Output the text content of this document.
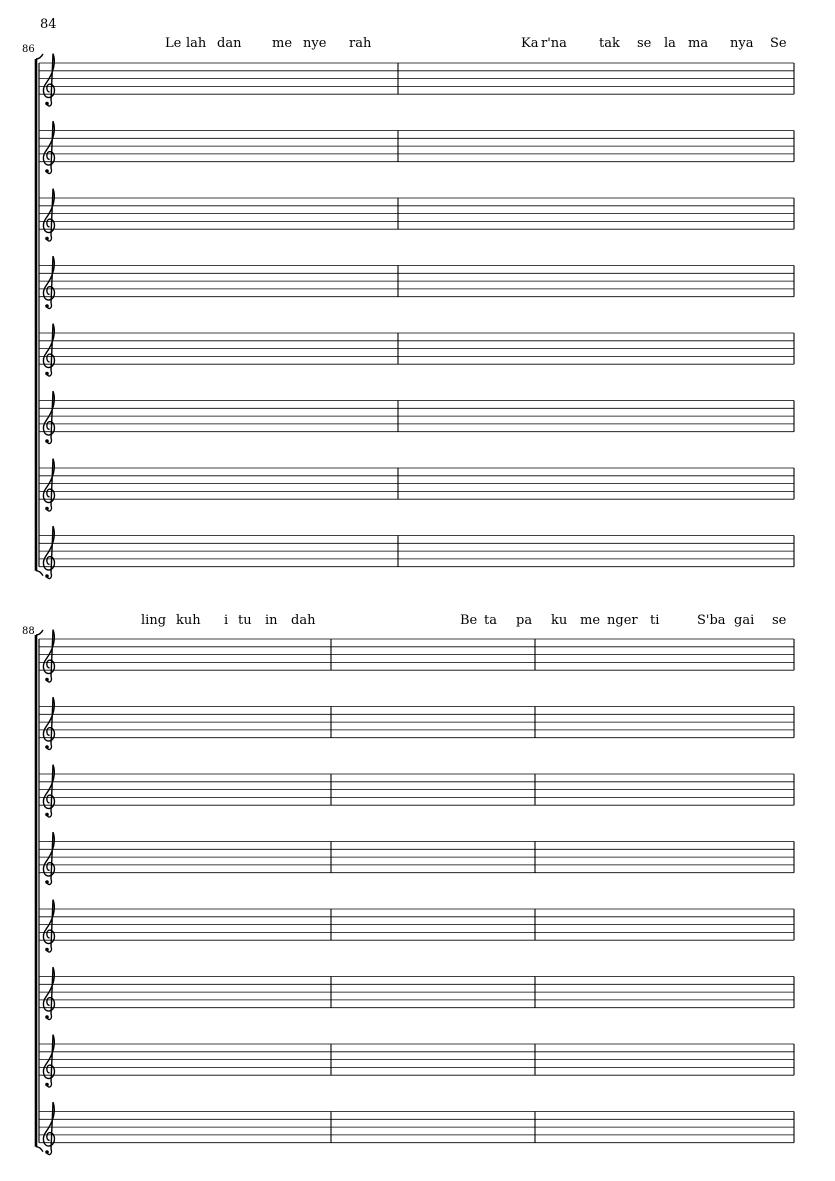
84
86	Le lah dan me nye rah	Ka r'na tak se la ma nya Se
88
ling kuh i tu in dah	Be ta pa ku me nger ti	S'ba gai se
